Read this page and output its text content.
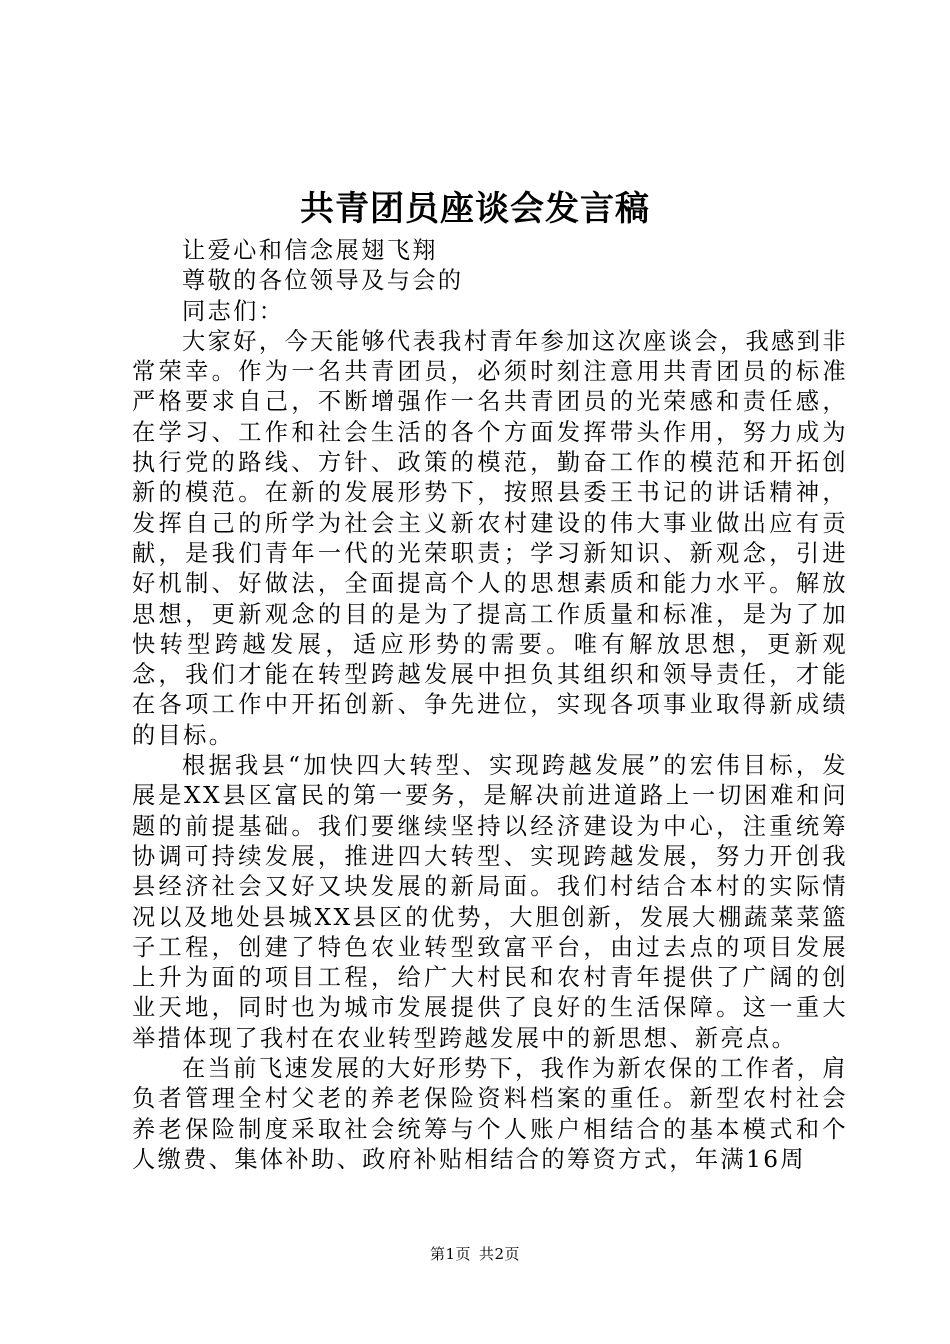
共青团员座谈会发言稿

让爱心和信念展翅飞翔

尊敬的各位领导及与会的

同志们：

大家好，今天能够代表我村青年参加这次座谈会，我感到非常荣幸。作为一名共青团员，必须时刻注意用共青团员的标准严格要求自己，不断增强作一名共青团员的光荣感和责任感，在学习、工作和社会生活的各个方面发挥带头作用，努力成为执行党的路线、方针、政策的模范，勤奋工作的模范和开拓创新的模范。在新的发展形势下，按照县委王书记的讲话精神，发挥自己的所学为社会主义新农村建设的伟大事业做出应有贡献，是我们青年一代的光荣职责；学习新知识、新观念，引进好机制、好做法，全面提高个人的思想素质和能力水平。解放思想，更新观念的目的是为了提高工作质量和标准，是为了加快转型跨越发展，适应形势的需要。唯有解放思想，更新观念，我们才能在转型跨越发展中担负其组织和领导责任，才能在各项工作中开拓创新、争先进位，实现各项事业取得新成绩的目标。

根据我县“加快四大转型、实现跨越发展”的宏伟目标，发展是XX县区富民的第一要务，是解决前进道路上一切困难和问题的前提基础。我们要继续坚持以经济建设为中心，注重统筹协调可持续发展，推进四大转型、实现跨越发展，努力开创我县经济社会又好又块发展的新局面。我们村结合本村的实际情况以及地处县城XX县区的优势，大胆创新，发展大棚蔬菜菜篮子工程，创建了特色农业转型致富平台，由过去点的项目发展上升为面的项目工程，给广大村民和农村青年提供了广阔的创业天地，同时也为城市发展提供了良好的生活保障。这一重大举措体现了我村在农业转型跨越发展中的新思想、新亮点。

在当前飞速发展的大好形势下，我作为新农保的工作者，肩负者管理全村父老的养老保险资料档案的重任。新型农村社会养老保险制度采取社会统筹与个人账户相结合的基本模式和个人缴费、集体补助、政府补贴相结合的筹资方式，年满16周

第1页 共2页
